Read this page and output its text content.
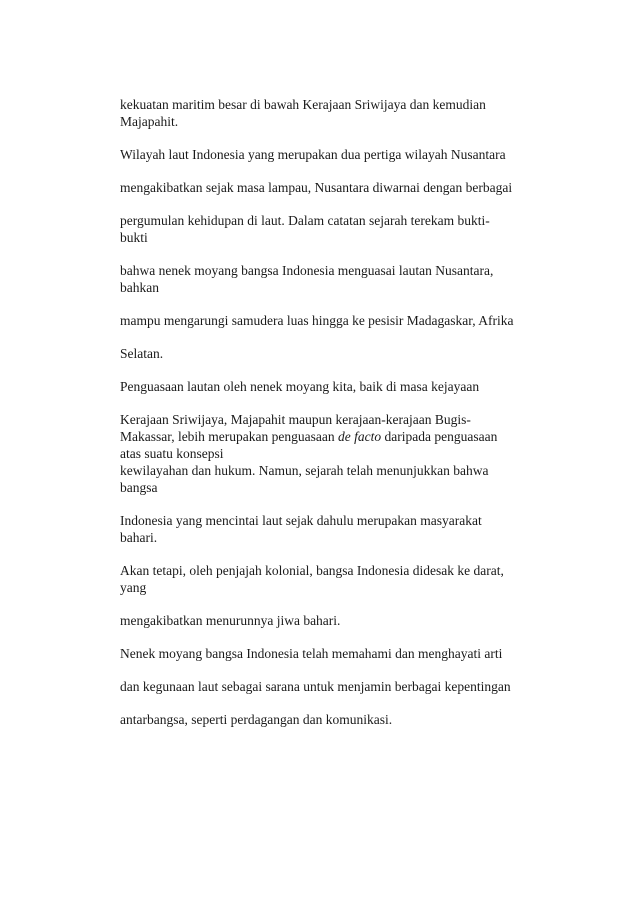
kekuatan maritim besar di bawah Kerajaan Sriwijaya dan kemudian
Majapahit.

Wilayah laut Indonesia yang merupakan dua pertiga wilayah Nusantara

mengakibatkan sejak masa lampau, Nusantara diwarnai dengan berbagai

pergumulan kehidupan di laut. Dalam catatan sejarah terekam bukti-
bukti

bahwa nenek moyang bangsa Indonesia menguasai lautan Nusantara,
bahkan

mampu mengarungi samudera luas hingga ke pesisir Madagaskar, Afrika

Selatan.

Penguasaan lautan oleh nenek moyang kita, baik di masa kejayaan

Kerajaan Sriwijaya, Majapahit maupun kerajaan-kerajaan Bugis-
Makassar, lebih merupakan penguasaan de facto daripada penguasaan
atas suatu konsepsi
kewilayahan dan hukum. Namun, sejarah telah menunjukkan bahwa
bangsa

Indonesia yang mencintai laut sejak dahulu merupakan masyarakat
bahari.

Akan tetapi, oleh penjajah kolonial, bangsa Indonesia didesak ke darat,
yang

mengakibatkan menurunnya jiwa bahari.

Nenek moyang bangsa Indonesia telah memahami dan menghayati arti

dan kegunaan laut sebagai sarana untuk menjamin berbagai kepentingan

antarbangsa, seperti perdagangan dan komunikasi.
